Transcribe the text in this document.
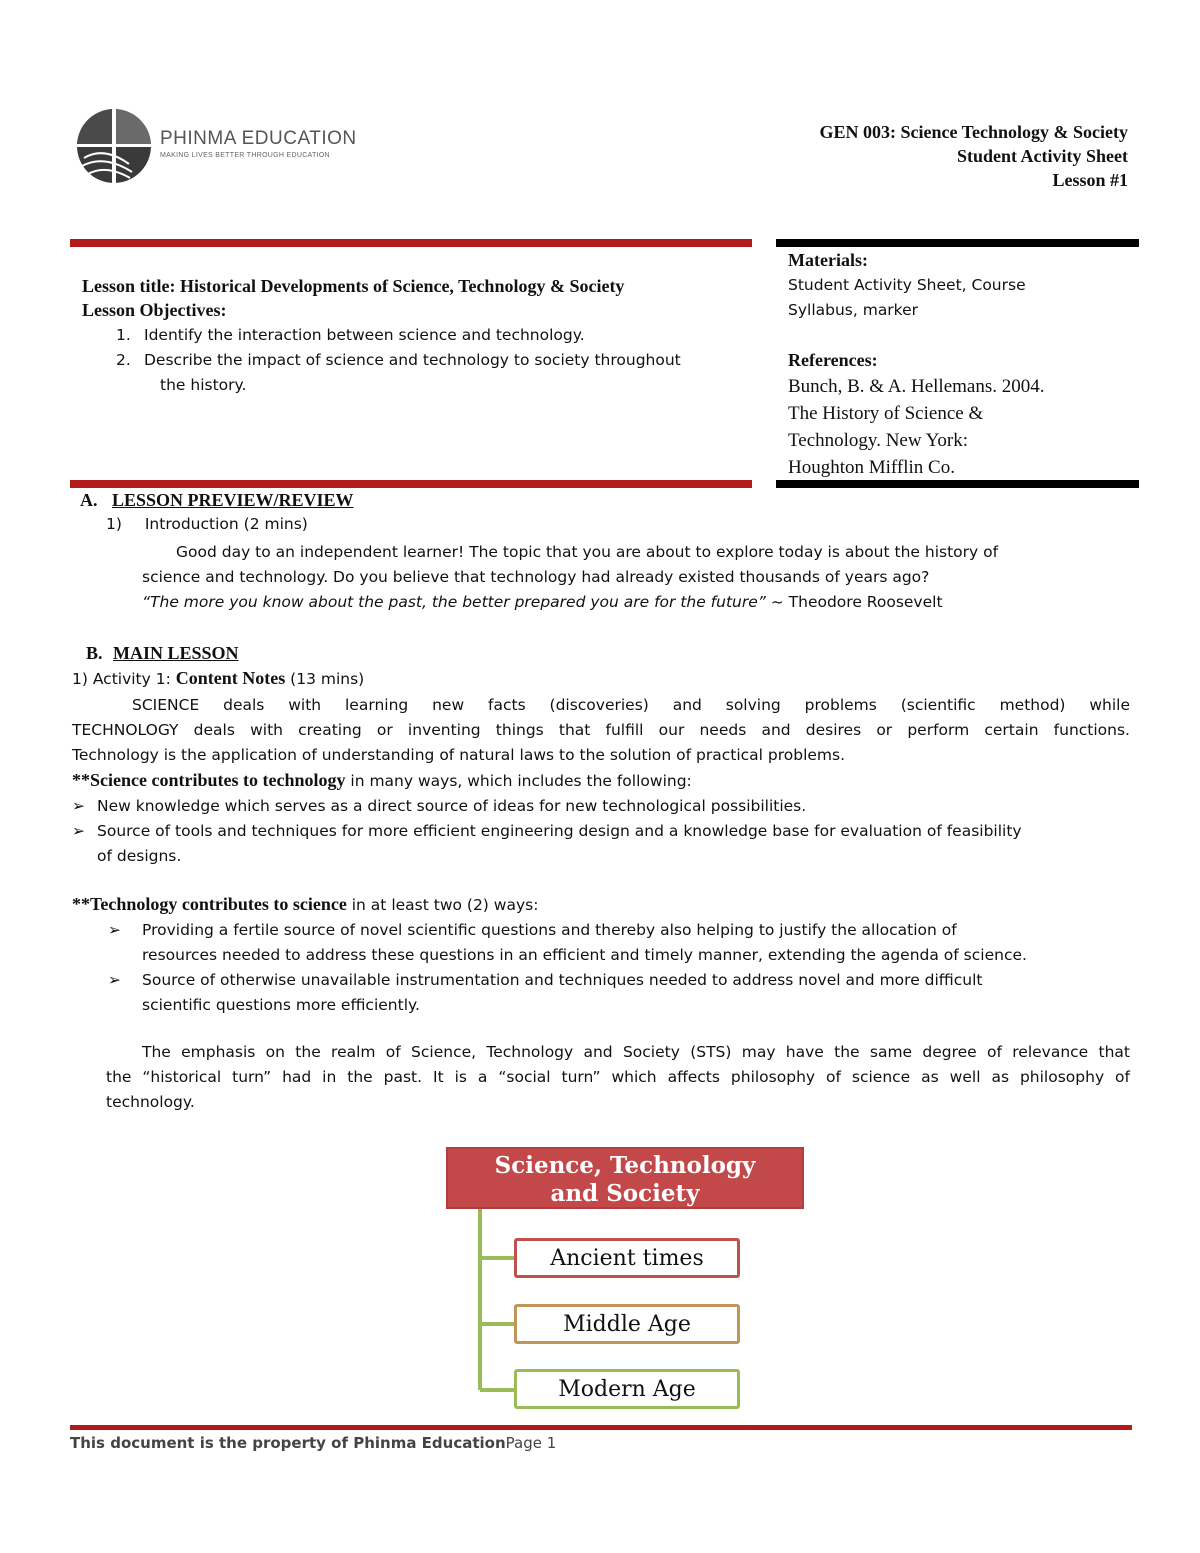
PHINMA EDUCATION
MAKING LIVES BETTER THROUGH EDUCATION
GEN 003: Science Technology & Society
Student Activity Sheet
Lesson #1
Lesson title: Historical Developments of Science, Technology & Society
Lesson Objectives:
1. Identify the interaction between science and technology.
2. Describe the impact of science and technology to society throughout
the history.
Materials:
Student Activity Sheet, Course
Syllabus, marker
References:
Bunch, B. & A. Hellemans. 2004.
The History of Science &
Technology. New York:
Houghton Mifflin Co.
A. LESSON PREVIEW/REVIEW
1) Introduction (2 mins)
Good day to an independent learner! The topic that you are about to explore today is about the history of
science and technology. Do you believe that technology had already existed thousands of years ago?
“The more you know about the past, the better prepared you are for the future” ~ Theodore Roosevelt
B. MAIN LESSON
1) Activity 1: Content Notes (13 mins)
SCIENCE deals with learning new facts (discoveries) and solving problems (scientific method) while
TECHNOLOGY deals with creating or inventing things that fulfill our needs and desires or perform certain functions.
Technology is the application of understanding of natural laws to the solution of practical problems.
**Science contributes to technology in many ways, which includes the following:
➢ New knowledge which serves as a direct source of ideas for new technological possibilities.
➢ Source of tools and techniques for more efficient engineering design and a knowledge base for evaluation of feasibility
of designs.
**Technology contributes to science in at least two (2) ways:
➢ Providing a fertile source of novel scientific questions and thereby also helping to justify the allocation of
resources needed to address these questions in an efficient and timely manner, extending the agenda of science.
➢ Source of otherwise unavailable instrumentation and techniques needed to address novel and more difficult
scientific questions more efficiently.
The emphasis on the realm of Science, Technology and Society (STS) may have the same degree of relevance that
the “historical turn” had in the past. It is a “social turn” which affects philosophy of science as well as philosophy of
technology.
Science, Technology
and Society
Ancient times
Middle Age
Modern Age
This document is the property of Phinma EducationPage 1
